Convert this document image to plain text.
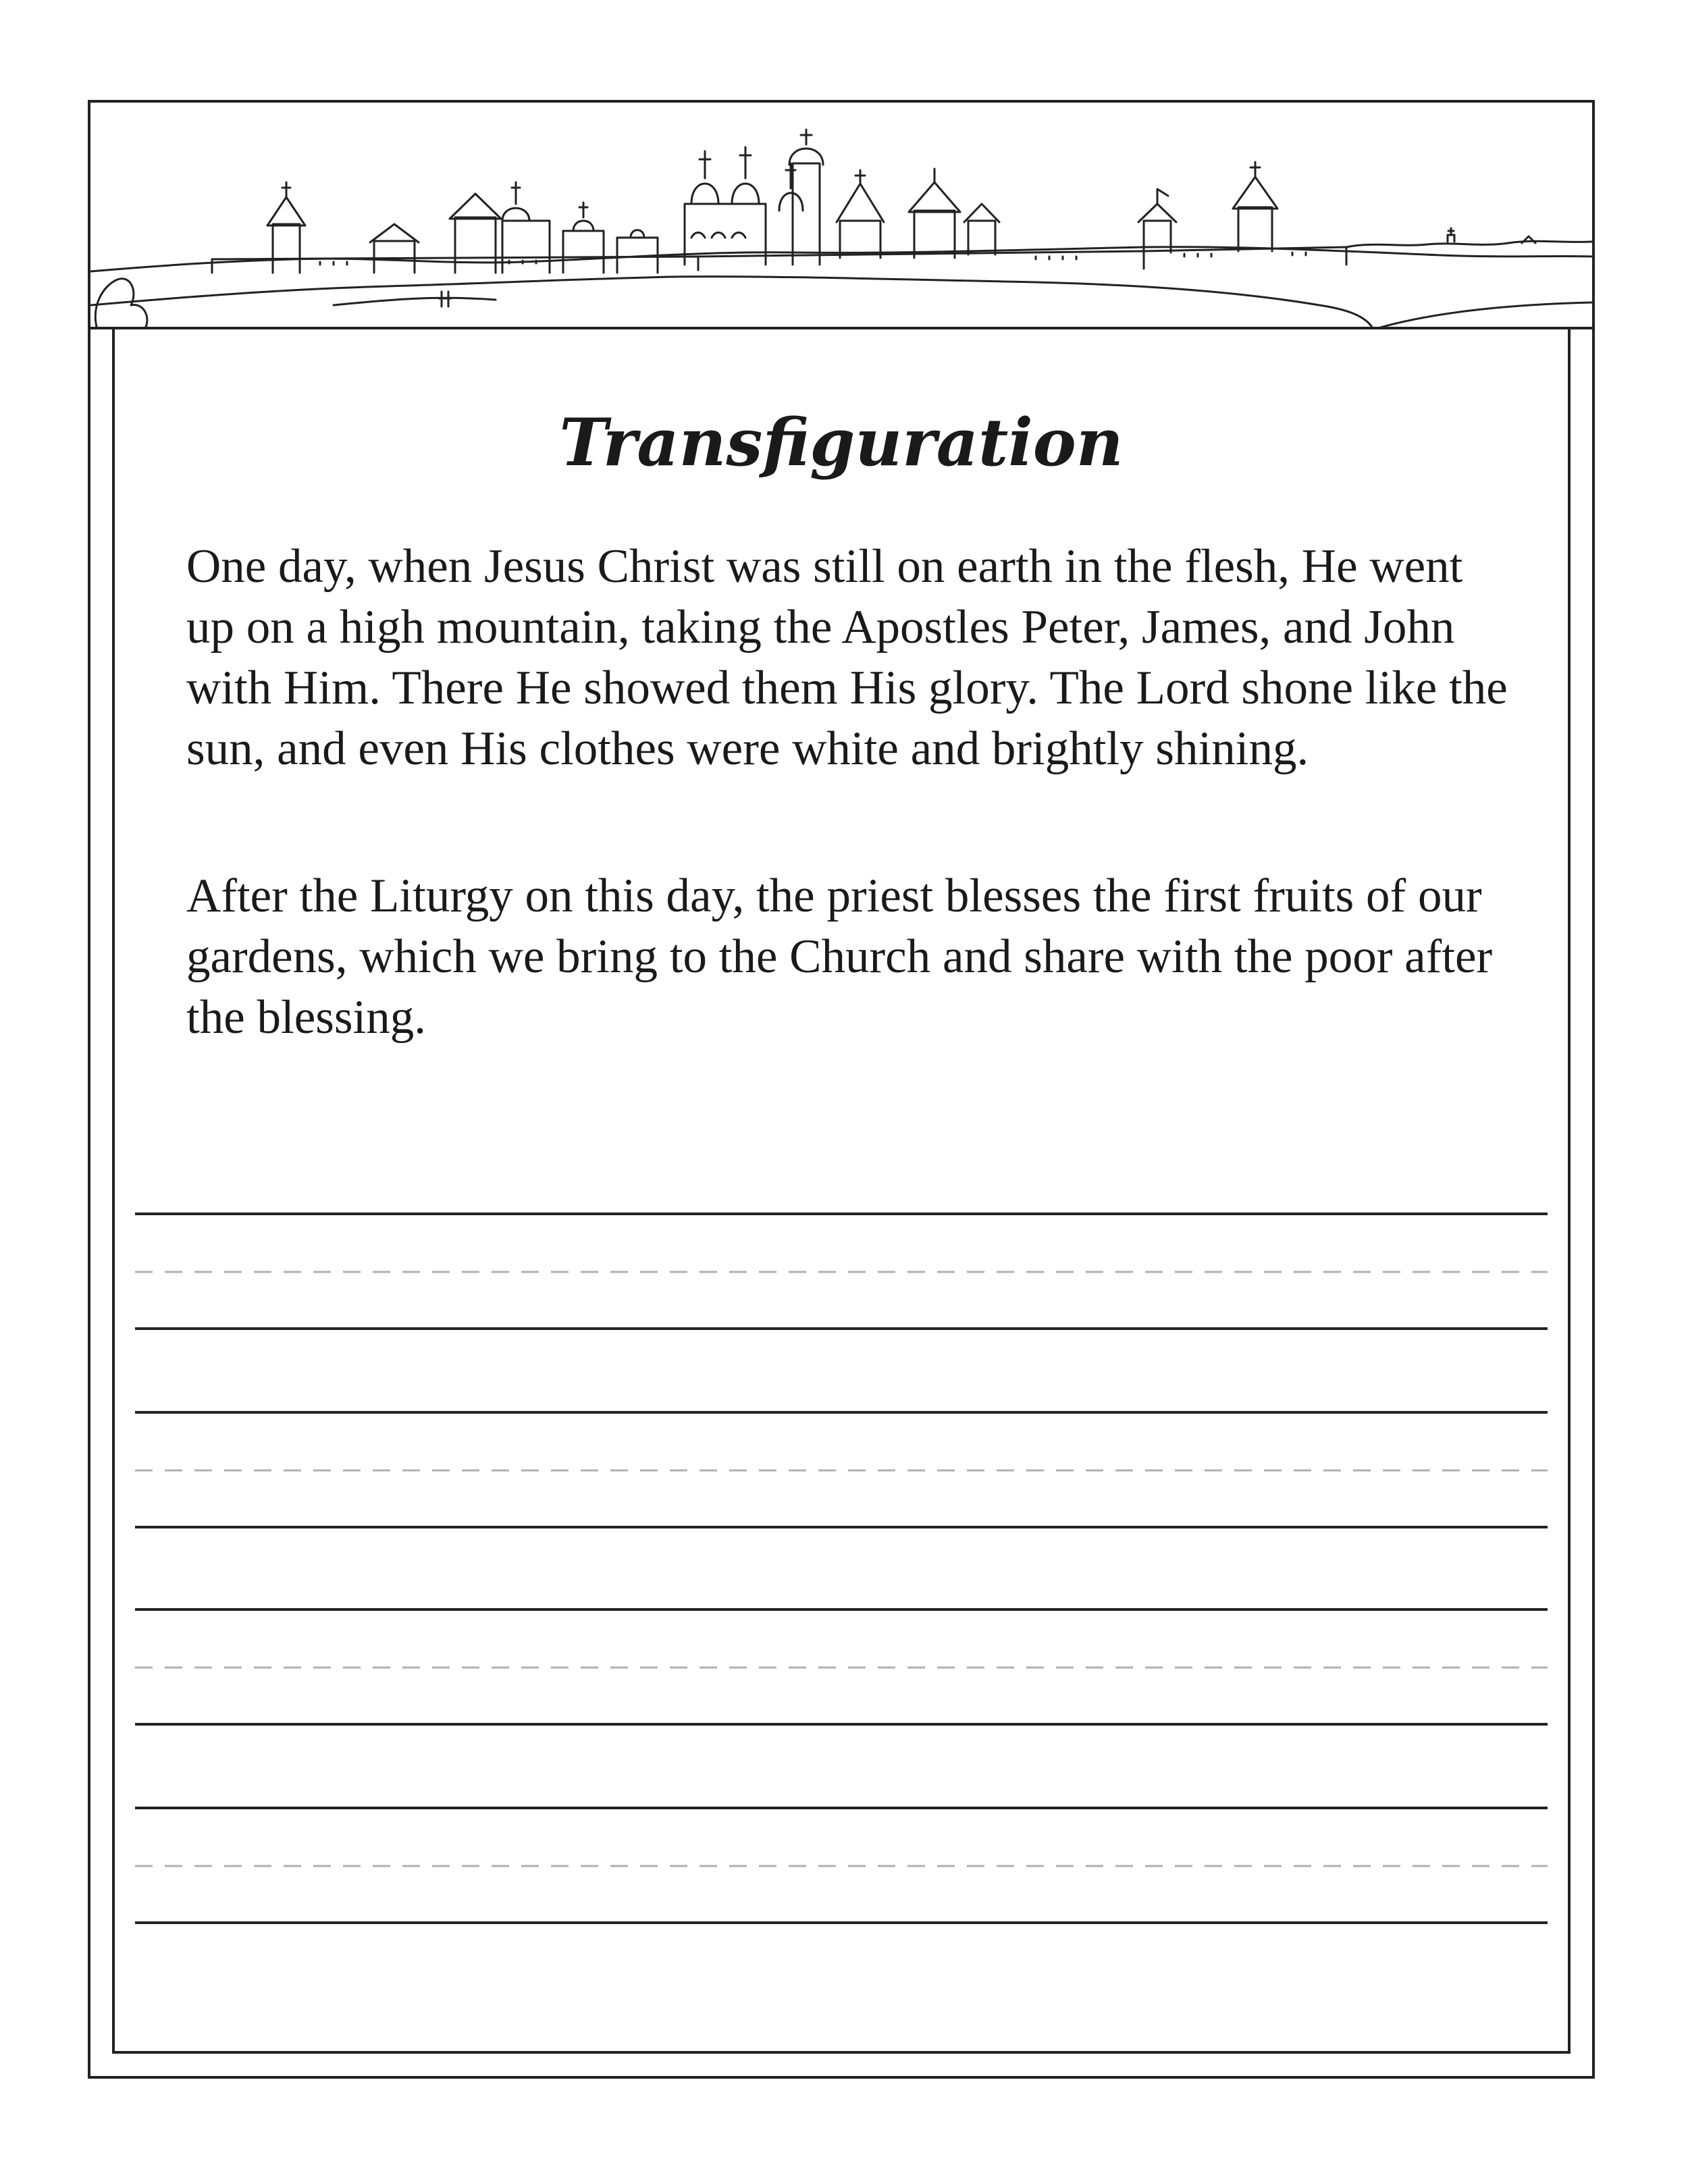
Transfiguration

One day, when Jesus Christ was still on earth in the flesh, He went up on a high mountain, taking the Apostles Peter, James, and John with Him. There He showed them His glory. The Lord shone like the sun, and even His clothes were white and brightly shining.

After the Liturgy on this day, the priest blesses the first fruits of our gardens, which we bring to the Church and share with the poor after the blessing.
